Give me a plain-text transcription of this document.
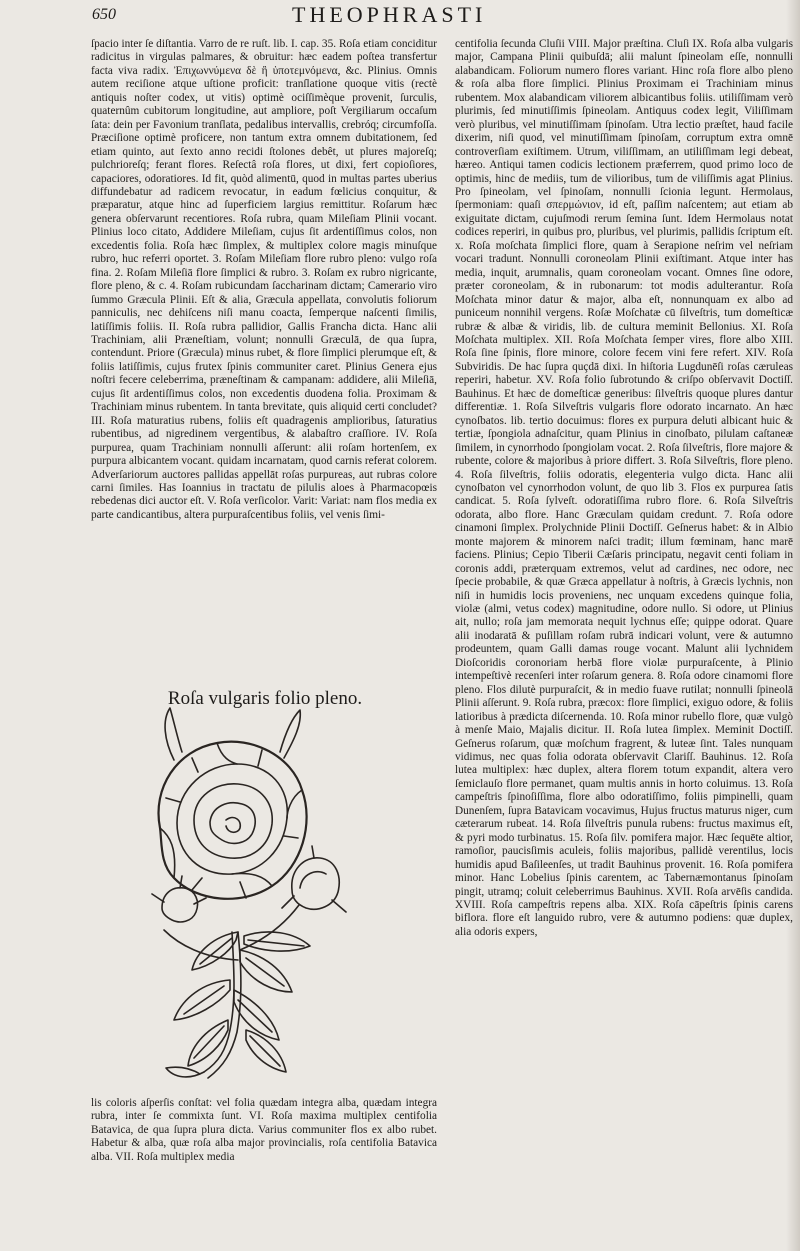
650	THEOPHRASTI

ſpacio inter ſe diſtantia. Varro de re ruſt. lib. I. cap. 35. Roſa etiam conciditur radicitus in virgulas palmares, & obruitur: hæc eadem poſtea transfertur facta viva radix. Ἐπιχωννύμενα δὲ ἢ ὑποτεμνόμενα, &c. Plinius. Omnis autem reciſione atque uſtione proficit: tranſlatione quoque vitis (rectè antiquis noſter codex, ut vitis) optimè ociſſimèque provenit, ſurculis, quaternûm cubitorum longitudine, aut ampliore, poſt Vergiliarum occaſum ſata: dein per Favonium tranſlata, pedalibus intervallis, crebróq; circumfoſſa. Præciſione optimè proficere, non tantum extra omnem dubitationem, ſed etiam quinto, aut ſexto anno recidi ſtolones debêt, ut plures majoreſq; pulchrioreſq; ferant flores. Reſectâ roſa flores, ut dixi, fert copioſiores, capaciores, odoratiores. Id fit, quòd alimentū, quod in multas partes uberius diffundebatur ad radicem revocatur, in eadum fœlicius conquitur, & præparatur, atque hinc ad ſuperficiem largius remittitur. Roſarum hæc genera obſervarunt recentiores. Roſa rubra, quam Mileſiam Plinii vocant. Plinius loco citato, Addidere Mileſiam, cujus ſit ardentiſſimus colos, non excedentis folia. Roſa hæc ſimplex, & multiplex colore magis minuſque rubro, huc referri oportet. 3. Roſam Mileſiam flore rubro pleno: vulgo roſa fina. 2. Roſam Mileſiā flore ſimplici & rubro. 3. Roſam ex rubro nigricante, flore pleno, & c. 4. Roſam rubicundam ſaccharinam dictam; Camerario viro ſummo Græcula Plinii. Eſt & alia, Græcula appellata, convolutis foliorum panniculis, nec dehiſcens niſi manu coacta, ſemperque naſcenti ſimilis, latiſſimis foliis. II. Roſa rubra pallidior, Gallis Francha dicta. Hanc alii Trachiniam, alii Præneſtiam, volunt; nonnulli Græculā, de qua ſupra, contendunt. Priore (Græcula) minus rubet, & flore ſimplici plerumque eſt, & foliis latiſſimis, cujus frutex ſpinis communiter caret. Plinius Genera ejus noſtri fecere celeberrima, præneſtinam & campanam: addidere, alii Mileſiā, cujus ſit ardentiſſimus colos, non excedentis duodena folia. Proximam & Trachiniam minus rubentem. In tanta brevitate, quis aliquid certi concludet? III. Roſa maturatius rubens, foliis eſt quadragenis amplioribus, ſaturatius rubentibus, ad nigredinem vergentibus, & alabaſtro craſſiore. IV. Roſa purpurea, quam Trachiniam nonnulli aſſerunt: alii roſam hortenſem, ex purpura albicantem vocant. quidam incarnatam, quod carnis referat colorem. Adverſariorum auctores pallidas appellāt roſas purpureas, aut rubras colore carni ſimiles. Has Ioannius in tractatu de pilulis aloes à Pharmacopœis rebedenas dici auctor eſt. V. Roſa verſicolor. Varit: Variat: nam flos media ex parte candicantibus, altera purpuraſcentibus foliis, vel venis ſimi-

Roſa vulgaris folio pleno.

lis coloris aſperſis conſtat: vel folia quædam integra alba, quædam integra rubra, inter ſe commixta ſunt. VI. Roſa maxima multiplex centifolia Batavica, de qua ſupra plura dicta. Varius communiter flos ex albo rubet. Habetur & alba, quæ roſa alba major provincialis, roſa centifolia Batavica alba. VII. Roſa multiplex media

centifolia ſecunda Cluſii VIII. Major præſtina. Cluſi IX. Roſa alba vulgaris major, Campana Plinii quibuſdā; alii malunt ſpineolam eſſe, nonnulli alabandicam. Foliorum numero flores variant. Hinc roſa flore albo pleno & roſa alba flore ſimplici. Plinius Proximam ei Trachiniam minus rubentem. Mox alabandicam viliorem albicantibus foliis. utiliſſimam verò plurimis, ſed minutiſſimis ſpineolam. Antiquus codex legit, Viliſſimam verò pluribus, vel minutiſſimam ſpinoſam. Utra lectio præſtet, haud facile dixerim, niſi quod, vel minutiſſimam ſpinoſam, corruptum extra omnē controverſiam exiſtimem. Utrum, viliſſimam, an utiliſſimam legi debeat, hæreo. Antiqui tamen codicis lectionem præferrem, quod primo loco de optimis, hinc de mediis, tum de vilioribus, tum de viliſſimis agat Plinius. Pro ſpineolam, vel ſpinoſam, nonnulli ſcionia legunt. Hermolaus, ſpermoniam: quaſi σπερμώνιον, id eſt, paſſim naſcentem; aut etiam ab exiguitate dictam, cujuſmodi rerum ſemina ſunt. Idem Hermolaus notat codices reperiri, in quibus pro, pluribus, vel plurimis, pallidis ſcriptum eſt. x. Roſa moſchata ſimplici flore, quam à Serapione neſrim vel neſriam vocari tradunt. Nonnulli coroneolam Plinii exiſtimant. Atque inter has media, inquit, arumnalis, quam coroneolam vocant. Omnes ſine odore, præter coroneolam, & in rubonarum: tot modis adulterantur. Roſa Moſchata minor datur & major, alba eſt, nonnunquam ex albo ad puniceum nonnihil vergens. Roſæ Moſchatæ cū ſilveſtris, tum domeſticæ rubræ & albæ & viridis, lib. de cultura meminit Bellonius. XI. Roſa Moſchata multiplex. XII. Roſa Moſchata ſemper vires, flore albo XIII. Roſa ſine ſpinis, flore minore, colore fecem vini fere refert. XIV. Roſa Subviridis. De hac ſupra quçdā dixi. In hiſtoria Lugdunēſi roſas cæruleas reperiri, habetur. XV. Roſa folio ſubrotundo & criſpo obſervavit Doctiſſ. Bauhinus. Et hæc de domeſticæ generibus: ſilveſtris quoque plures dantur differentiæ. 1. Roſa Silveſtris vulgaris flore odorato incarnato. An hæc cynoſbatos. lib. tertio docuimus: flores ex purpura deluti albicant huic & tertiæ, ſpongiola adnaſcitur, quam Plinius in cinoſbato, pilulam caſtaneæ ſimilem, in cynorrhodo ſpongiolam vocat. 2. Roſa ſilveſtris, flore majore & rubente, colore & majoribus à priore differt. 3. Roſa Silveſtris, flore pleno. 4. Roſa ſilveſtris, foliis odoratis, elegenteria vulgo dicta. Hanc alii cynoſbaton vel cynorrhodon volunt, de quo lib 3. Flos ex purpurea ſatis candicat. 5. Roſa ſylveſt. odoratiſſima rubro flore. 6. Roſa Silveſtris odorata, albo flore. Hanc Græculam quidam credunt. 7. Roſa odore cinamoni ſimplex. Prolychnide Plinii Doctiſſ. Geſnerus habet: & in Albio monte majorem & minorem naſci tradit; illum fœminam, hanc marē faciens. Plinius; Cepio Tiberii Cæſaris principatu, negavit centi foliam in coronis addi, præterquam extremos, velut ad cardines, nec odore, nec ſpecie probabile, & quæ Græca appellatur à noſtris, à Græcis lychnis, non niſi in humidis locis proveniens, nec unquam excedens quinque folia, violæ (almi, vetus codex) magnitudine, odore nullo. Si odore, ut Plinius ait, nullo; roſa jam memorata nequit lychnus eſſe; quippe odorat. Quare alii inodaratā & puſillam roſam rubrā indicari volunt, vere & autumno prodeuntem, quam Galli damas rouge vocant. Malunt alii lychnidem Dioſcoridis coronoriam herbā flore violæ purpuraſcente, à Plinio intempeſtivè recenſeri inter roſarum genera. 8. Roſa odore cinamomi flore pleno. Flos dilutè purpuraſcit, & in medio fuave rutilat; nonnulli ſpineolā Plinii aſſerunt. 9. Roſa rubra, præcox: flore ſimplici, exiguo odore, & foliis latioribus à prædicta diſcernenda. 10. Roſa minor rubello flore, quæ vulgò à menſe Maio, Majalis dicitur. II. Roſa lutea ſimplex. Meminit Doctiſſ. Geſnerus roſarum, quæ moſchum fragrent, & luteæ ſint. Tales nunquam vidimus, nec quas folia odorata obſervavit Clariſſ. Bauhinus. 12. Roſa lutea multiplex: hæc duplex, altera florem totum expandit, altera vero ſemiclauſo flore permanet, quam multis annis in horto coluimus. 13. Roſa campeſtris ſpinoſiſſima, flore albo odoratiſſimo, foliis pimpinelli, quam Dunenſem, ſupra Batavicam vocavimus, Hujus fructus maturus niger, cum cæterarum rubeat. 14. Roſa ſilveſtris punula rubens: fructus maximus eſt, & pyri modo turbinatus. 15. Roſa ſilv. pomifera major. Hæc ſequēte altior, ramoſior, paucisſimis aculeis, foliis majoribus, pallidè verentilus, locis humidis apud Baſileenſes, ut tradit Bauhinus provenit. 16. Roſa pomifera minor. Hanc Lobelius ſpinis carentem, ac Tabernæmontanus ſpinoſam pingit, utramq; coluit celeberrimus Bauhinus. XVII. Roſa arvēſis candida. XVIII. Roſa campeſtris repens alba. XIX. Roſa cāpeſtris ſpinis carens biflora. flore eſt languido rubro, vere & autumno podiens: quæ duplex, alia odoris expers,
